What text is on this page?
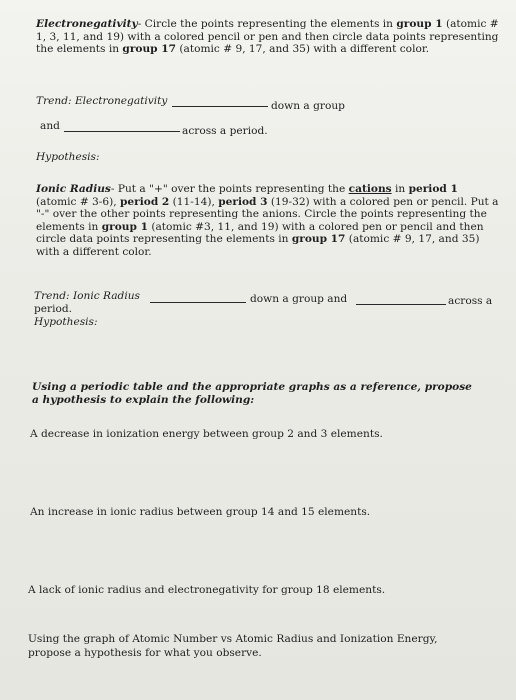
Electronegativity- Circle the points representing the elements in group 1 (atomic # 1, 3, 11, and 19) with a colored pencil or pen and then circle data points representing the elements in group 17 (atomic # 9, 17, and 35) with a different color.
Trend: Electronegativity	down a group
and	across a period.
Hypothesis:
Ionic Radius- Put a "+" over the points representing the cations in period 1 (atomic # 3-6), period 2 (11-14), period 3 (19-32) with a colored pen or pencil. Put a "-" over the other points representing the anions. Circle the points representing the elements in group 1 (atomic #3, 11, and 19) with a colored pen or pencil and then circle data points representing the elements in group 17 (atomic # 9, 17, and 35) with a different color.
Trend: Ionic Radius	down a group and	across a
period.
Hypothesis:
Using a periodic table and the appropriate graphs as a reference, propose a hypothesis to explain the following:
A decrease in ionization energy between group 2 and 3 elements.
An increase in ionic radius between group 14 and 15 elements.
A lack of ionic radius and electronegativity for group 18 elements.
Using the graph of Atomic Number vs Atomic Radius and Ionization Energy,
propose a hypothesis for what you observe.
